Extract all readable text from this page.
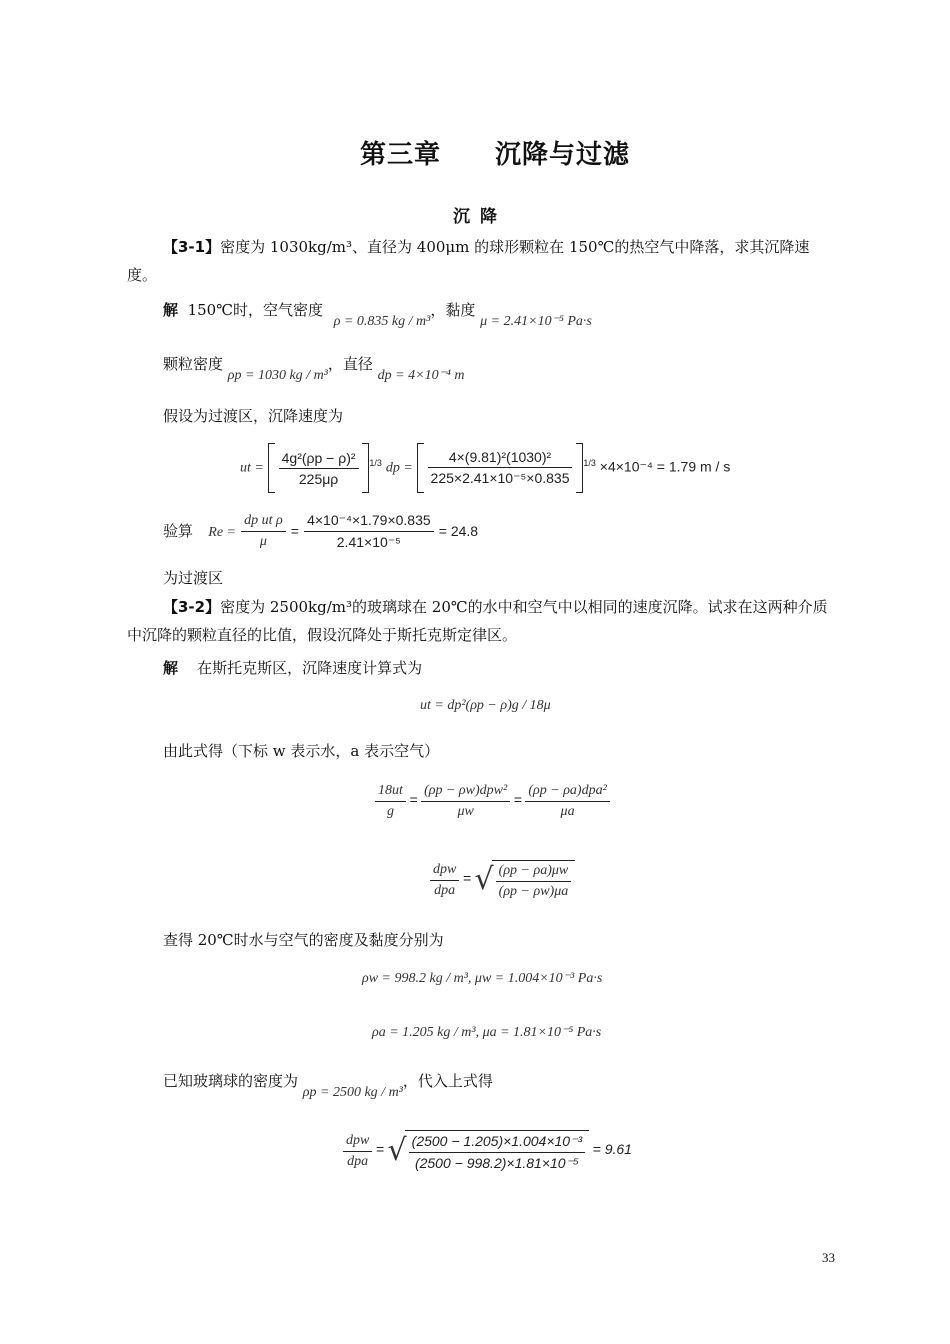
第三章　　沉降与过滤
沉降
【3-1】密度为 1030kg/m³、直径为 400μm 的球形颗粒在 150℃的热空气中降落，求其沉降速度。
解 150℃时，空气密度 ρ = 0.835 kg / m³，黏度 μ = 2.41×10⁻⁵ Pa·s
颗粒密度 ρp = 1030 kg / m³，直径 dp = 4×10⁻⁴ m
假设为过渡区，沉降速度为
ut = $\frac{\text{4g²(ρp − ρ)²}}{225\mu\rho} ^{1/3}$ dp = $\frac{\text{4×(9.81)²(1030)²}}{\text{225×2.41×10⁻⁵×0.835}} ^{1/3} \times 4\times 10^{-4} = 1.79$ m / s
验算 $Re = \frac{\text{dp ut ρ}}{\mu} = \frac{\text{4×10⁻⁴×1.79×0.835}}{\text{2.41×10⁻⁵}} = 24.8$
为过渡区
【3-2】密度为 2500kg/m³的玻璃球在 20℃的水中和空气中以相同的速度沉降。试求在这两种介质中沉降的颗粒直径的比值，假设沉降处于斯托克斯定律区。
解 在斯托克斯区，沉降速度计算式为
ut = dp²(ρp − ρ)g / 18μ
由此式得（下标 w 表示水，a 表示空气）
$\frac{18ut}{g} = \frac{\text{(ρp − ρw)dpw²}}{\mu w} = \frac{\text{(ρp − ρa)dpa²}}{\mu a}$
$\frac{\text{dpw}}{\text{dpa}}$ = √ $\frac{(\rho p - \rho a)\mu w}{(\rho p - \rho w)\mu a}$
查得 20℃时水与空气的密度及黏度分别为
ρw = 998.2 kg / m³, μw = 1.004×10⁻³ Pa·s
ρa = 1.205 kg / m³, μa = 1.81×10⁻⁵ Pa·s
已知玻璃球的密度为 ρp = 2500 kg / m³，代入上式得
$\frac{\text{dpw}}{\text{dpa}}$ = √ $\frac{\text{(2500 − 1.205)×1.004×10⁻³}}{\text{(2500 − 998.2)×1.81×10⁻⁵}} = 9.61$
33
